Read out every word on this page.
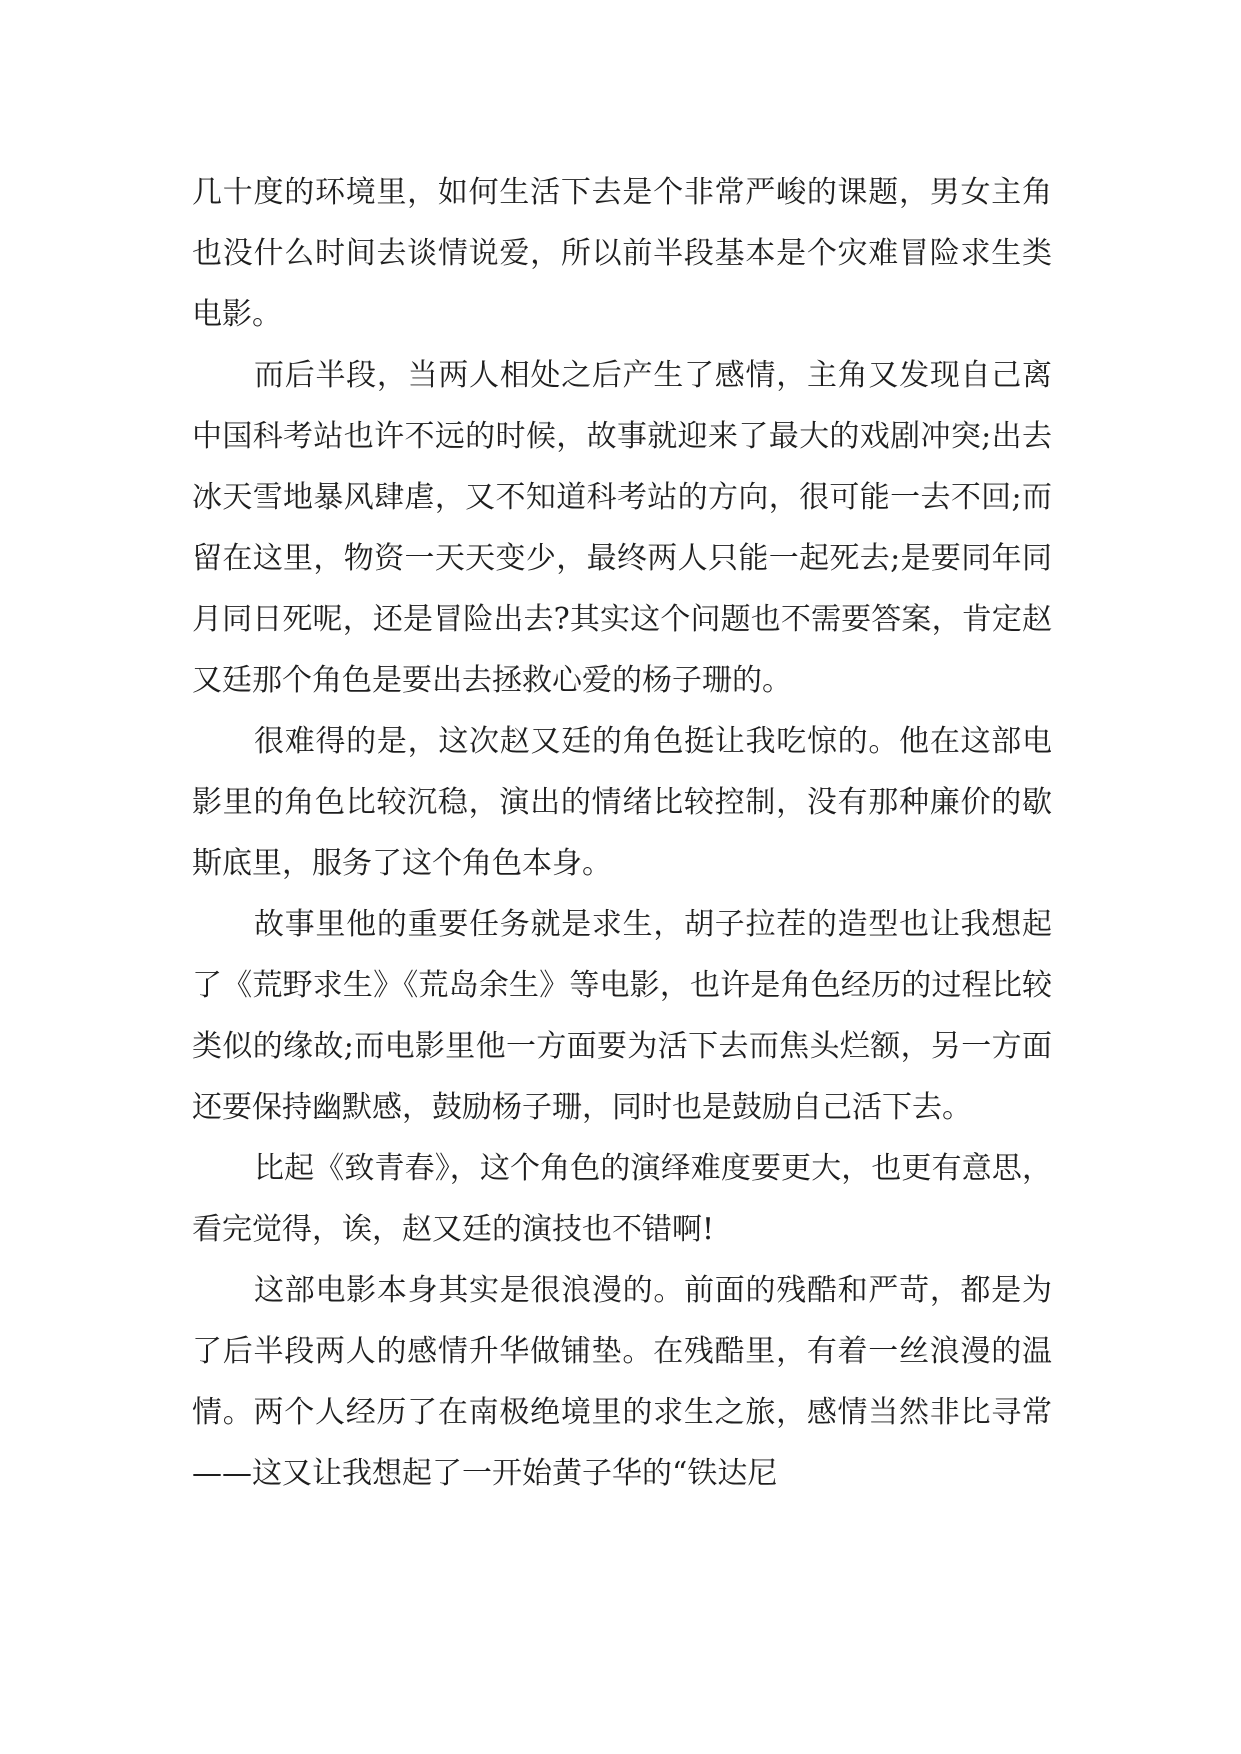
几十度的环境里，如何生活下去是个非常严峻的课题，男女主角也没什么时间去谈情说爱，所以前半段基本是个灾难冒险求生类电影。

而后半段，当两人相处之后产生了感情，主角又发现自己离中国科考站也许不远的时候，故事就迎来了最大的戏剧冲突;出去冰天雪地暴风肆虐，又不知道科考站的方向，很可能一去不回;而留在这里，物资一天天变少，最终两人只能一起死去;是要同年同月同日死呢，还是冒险出去?其实这个问题也不需要答案，肯定赵又廷那个角色是要出去拯救心爱的杨子珊的。

很难得的是，这次赵又廷的角色挺让我吃惊的。他在这部电影里的角色比较沉稳，演出的情绪比较控制，没有那种廉价的歇斯底里，服务了这个角色本身。

故事里他的重要任务就是求生，胡子拉茬的造型也让我想起了《荒野求生》《荒岛余生》等电影，也许是角色经历的过程比较类似的缘故;而电影里他一方面要为活下去而焦头烂额，另一方面还要保持幽默感，鼓励杨子珊，同时也是鼓励自己活下去。

比起《致青春》，这个角色的演绎难度要更大，也更有意思，看完觉得，诶，赵又廷的演技也不错啊!

这部电影本身其实是很浪漫的。前面的残酷和严苛，都是为了后半段两人的感情升华做铺垫。在残酷里，有着一丝浪漫的温情。两个人经历了在南极绝境里的求生之旅，感情当然非比寻常——这又让我想起了一开始黄子华的“铁达尼
